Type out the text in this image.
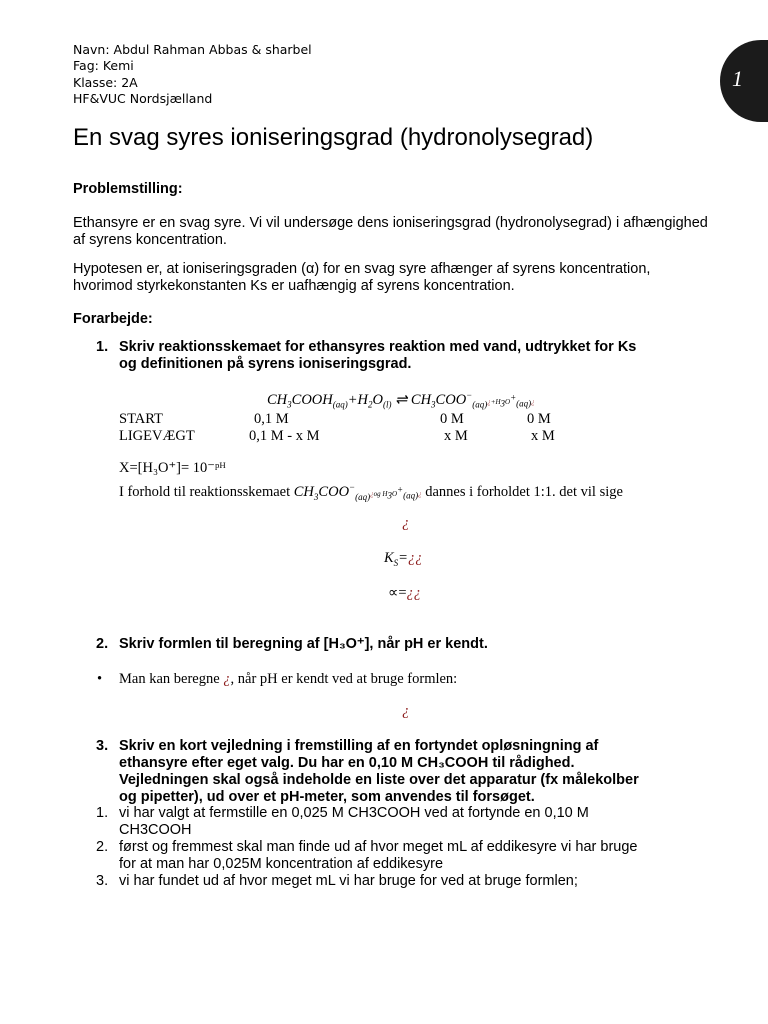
Navn: Abdul Rahman Abbas & sharbel
Fag: Kemi
Klasse: 2A
HF&VUC Nordsjælland
1
En svag syres ioniseringsgrad (hydronolysegrad)
Problemstilling:
Ethansyre er en svag syre. Vi vil undersøge dens ioniseringsgrad (hydronolysegrad) i afhængighed af syrens koncentration.
Hypotesen er, at ioniseringsgraden (α) for en svag syre afhænger af syrens koncentration, hvorimod styrkekonstanten Ks er uafhængig af syrens koncentration.
Forarbejde:
1. Skriv reaktionsskemaet for ethansyres reaktion med vand, udtrykket for Ks
og definitionen på syrens ioniseringsgrad.
$CH_3COOH_{(aq)}+H_2O_{(l)}$ ⇌ $CH_3COO^-_{(aq)}¿+H_3O^+_{(aq)}¿$
START	0,1 M	0 M	0 M
LIGEVÆGT	0,1 M - x M	x M	x M
X=[H₃O⁺]= 10⁻ᵖᴴ
I forhold til reaktionsskemaet $CH_3COO^-_{(aq)}¿og$ $H_3O^+_{(aq)}¿$ dannes i forholdet 1:1. det vil sige
¿
$K_S=¿¿$
∝=¿¿
2. Skriv formlen til beregning af [H₃O⁺], når pH er kendt.
• Man kan beregne ¿, når pH er kendt ved at bruge formlen:
¿
3. Skriv en kort vejledning i fremstilling af en fortyndet opløsningning af
ethansyre efter eget valg. Du har en 0,10 M CH₃COOH til rådighed.
Vejledningen skal også indeholde en liste over det apparatur (fx målekolber
og pipetter), ud over et pH-meter, som anvendes til forsøget.
1. vi har valgt at fermstille en 0,025 M CH3COOH ved at fortynde en 0,10 M
CH3COOH
2. først og fremmest skal man finde ud af hvor meget mL af eddikesyre vi har bruge
for at man har 0,025M koncentration af eddikesyre
3. vi har fundet ud af hvor meget mL vi har bruge for ved at bruge formlen;
